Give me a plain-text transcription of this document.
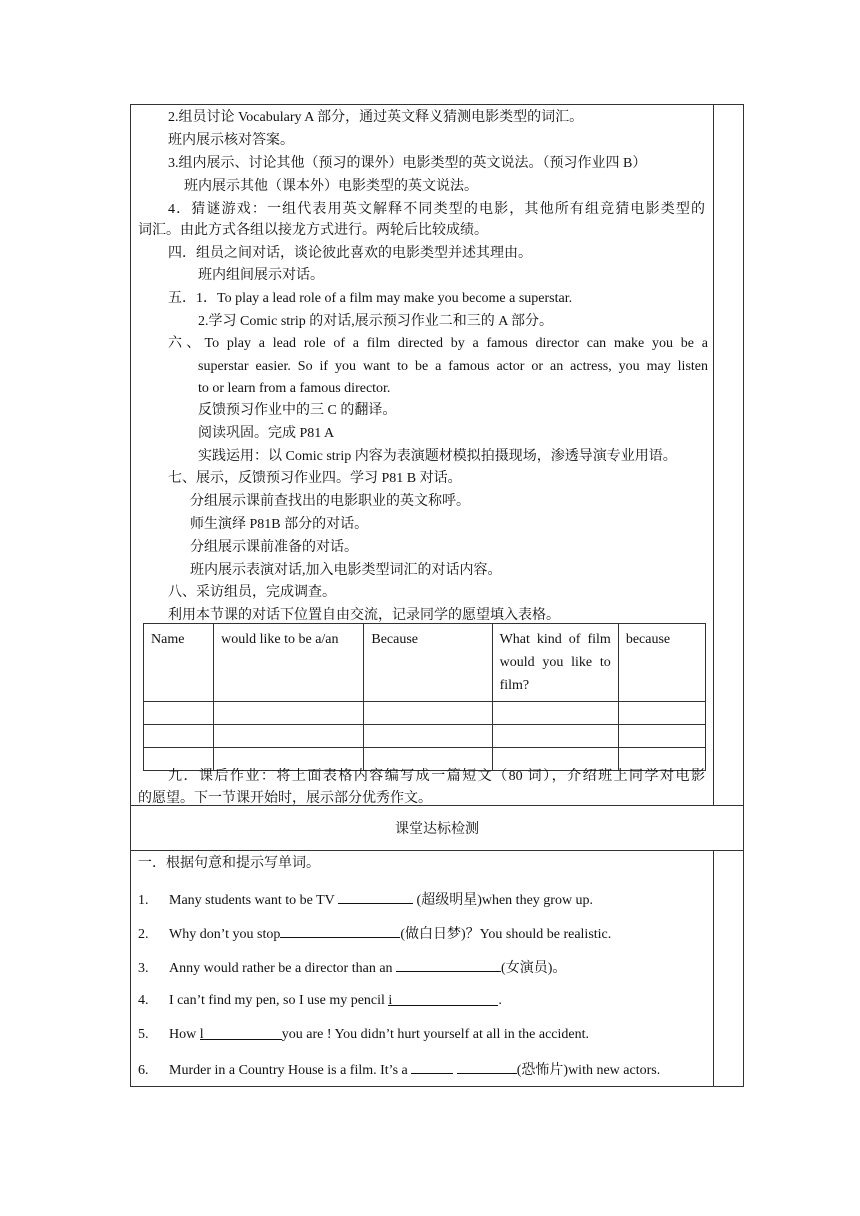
课堂达标检测
2.组员讨论 Vocabulary A 部分，通过英文释义猜测电影类型的词汇。
班内展示核对答案。
3.组内展示、讨论其他（预习的课外）电影类型的英文说法。（预习作业四 B）
班内展示其他（课本外）电影类型的英文说法。
4．猜谜游戏：一组代表用英文解释不同类型的电影，其他所有组竞猜电影类型的
词汇。由此方式各组以接龙方式进行。两轮后比较成绩。
四．组员之间对话，谈论彼此喜欢的电影类型并述其理由。
班内组间展示对话。
五．1．To play a lead role of a film may make you become a superstar.
2.学习 Comic strip 的对话,展示预习作业二和三的 A 部分。
六、To play a lead role of a film directed by a famous director can make you be a
superstar easier. So if you want to be a famous actor or an actress, you may listen
to or learn from a famous director.
反馈预习作业中的三 C 的翻译。
阅读巩固。完成 P81 A
实践运用：以 Comic strip 内容为表演题材模拟拍摄现场，渗透导演专业用语。
七、展示，反馈预习作业四。学习 P81 B 对话。
分组展示课前查找出的电影职业的英文称呼。
师生演绎 P81B 部分的对话。
分组展示课前准备的对话。
班内展示表演对话,加入电影类型词汇的对话内容。
八、采访组员，完成调查。
利用本节课的对话下位置自由交流，记录同学的愿望填入表格。
Name	would like to be a/an	Because	What kind of film would you like to film?	because

九．课后作业：将上面表格内容编写成一篇短文（80 词），介绍班上同学对电影
的愿望。下一节课开始时，展示部分优秀作文。
一．根据句意和提示写单词。
1. Many students want to be TV	(超级明星)when they grow up.
2. Why don’t you stop	(做白日梦)？You should be realistic.
3. Anny would rather be a director than an	(女演员)。
4. I can’t find my pen, so I use my pencil i	.
5. How l	you are ! You didn’t hurt yourself at all in the accident.
6. Murder in a Country House is a film. It’s a	(恐怖片)with new actors.
